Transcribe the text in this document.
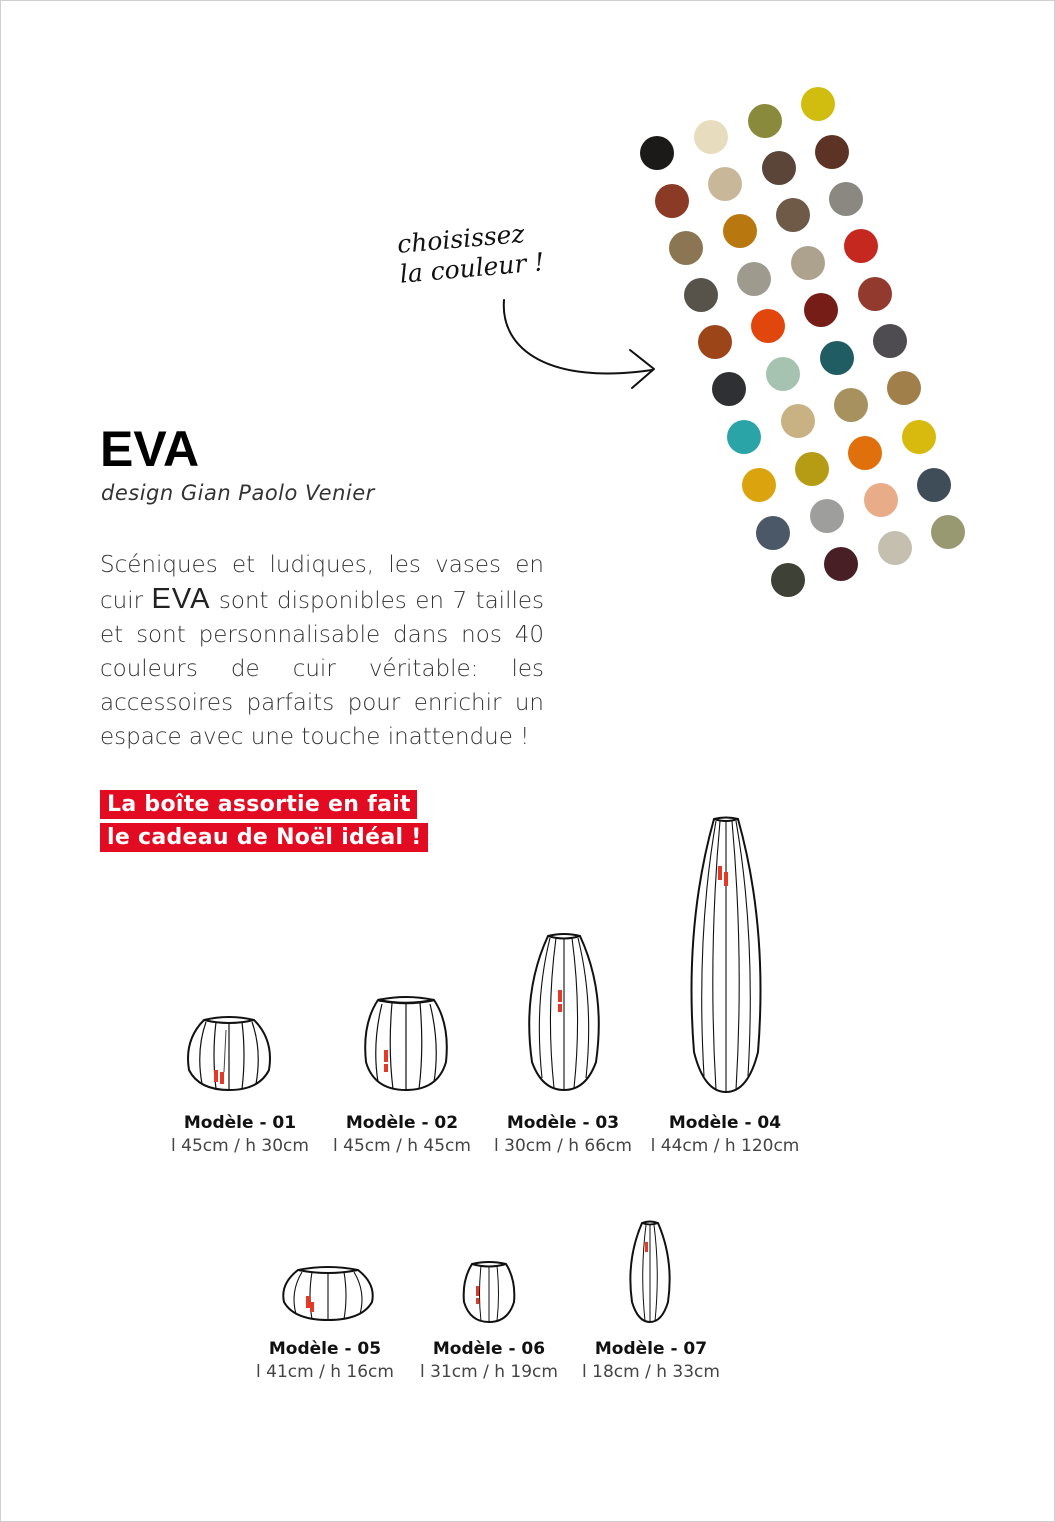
choisissez
la couleur !
EVA
design Gian Paolo Venier

Scéniques et ludiques, les vases en cuir EVA sont disponibles en 7 tailles et sont personnalisable dans nos 40 couleurs de cuir véritable: les accessoires parfaits pour enrichir un espace avec une touche inattendue !

La boîte assortie en fait
le cadeau de Noël idéal !
Modèle - 01
l 45cm / h 30cm
Modèle - 02
l 45cm / h 45cm
Modèle - 03
l 30cm / h 66cm
Modèle - 04
l 44cm / h 120cm
Modèle - 05
l 41cm / h 16cm
Modèle - 06
l 31cm / h 19cm
Modèle - 07
l 18cm / h 33cm
